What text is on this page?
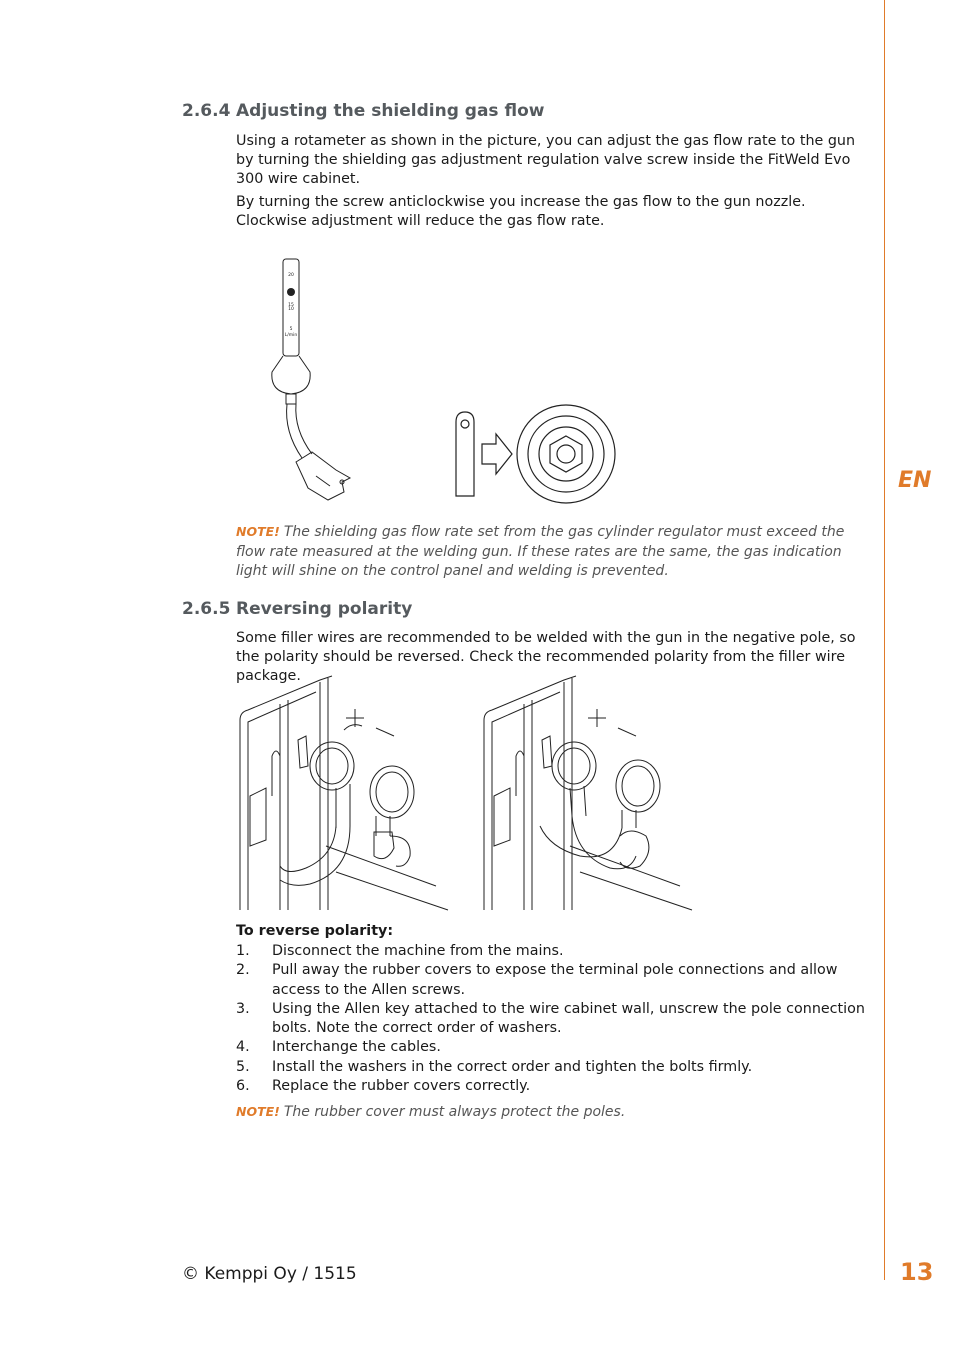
EN
2.6.4 Adjusting the shielding gas flow

Using a rotameter as shown in the picture, you can adjust the gas flow rate to the gun by turning the shielding gas adjustment regulation valve screw inside the FitWeld Evo 300 wire cabinet.

By turning the screw anticlockwise you increase the gas flow to the gun nozzle. Clockwise adjustment will reduce the gas flow rate.

20
15
10
5
L/min
NOTE! The shielding gas flow rate set from the gas cylinder regulator must exceed the flow rate measured at the welding gun. If these rates are the same, the gas indication light will shine on the control panel and welding is prevented.
2.6.5 Reversing polarity

Some filler wires are recommended to be welded with the gun in the negative pole, so the polarity should be reversed. Check the recommended polarity from the filler wire package.

To reverse polarity:
1. Disconnect the machine from the mains.
2. Pull away the rubber covers to expose the terminal pole connections and allow access to the Allen screws.
3. Using the Allen key attached to the wire cabinet wall, unscrew the pole connection bolts. Note the correct order of washers.
4. Interchange the cables.
5. Install the washers in the correct order and tighten the bolts firmly.
6. Replace the rubber covers correctly.
NOTE! The rubber cover must always protect the poles.
© Kemppi Oy / 1515	13
